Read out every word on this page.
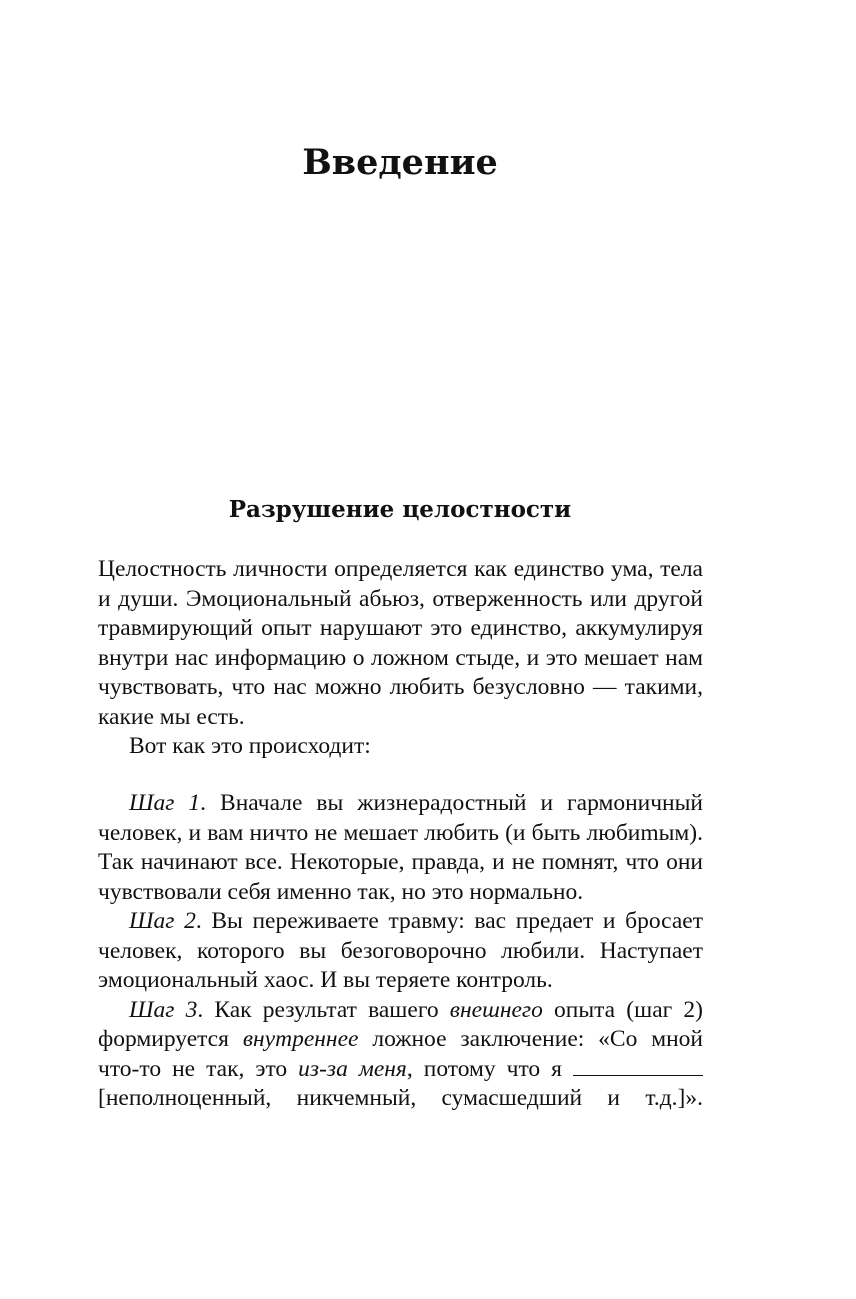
Введение
Разрушение целостности

Целостность личности определяется как единство ума, тела и души. Эмоциональный абьюз, отверженность или другой травмирующий опыт нарушают это единство, аккумулируя внутри нас информацию о ложном стыде, и это мешает нам чувствовать, что нас можно любить безусловно — такими, какие мы есть.

Вот как это происходит:

Шаг 1. Вначале вы жизнерадостный и гармоничный человек, и вам ничто не мешает любить (и быть любиmым). Так начинают все. Некоторые, правда, и не помнят, что они чувствовали себя именно так, но это нормально.

Шаг 2. Вы переживаете травму: вас предает и бросает человек, которого вы безоговорочно любили. Наступает эмоциональный хаос. И вы теряете контроль.

Шаг 3. Как результат вашего внешнего опыта (шаг 2) формируется внутреннее ложное заключение: «Со мной что-то не так, это из-за меня, потому что я  [неполноценный, никчемный, сумасшедший и т.д.]».
